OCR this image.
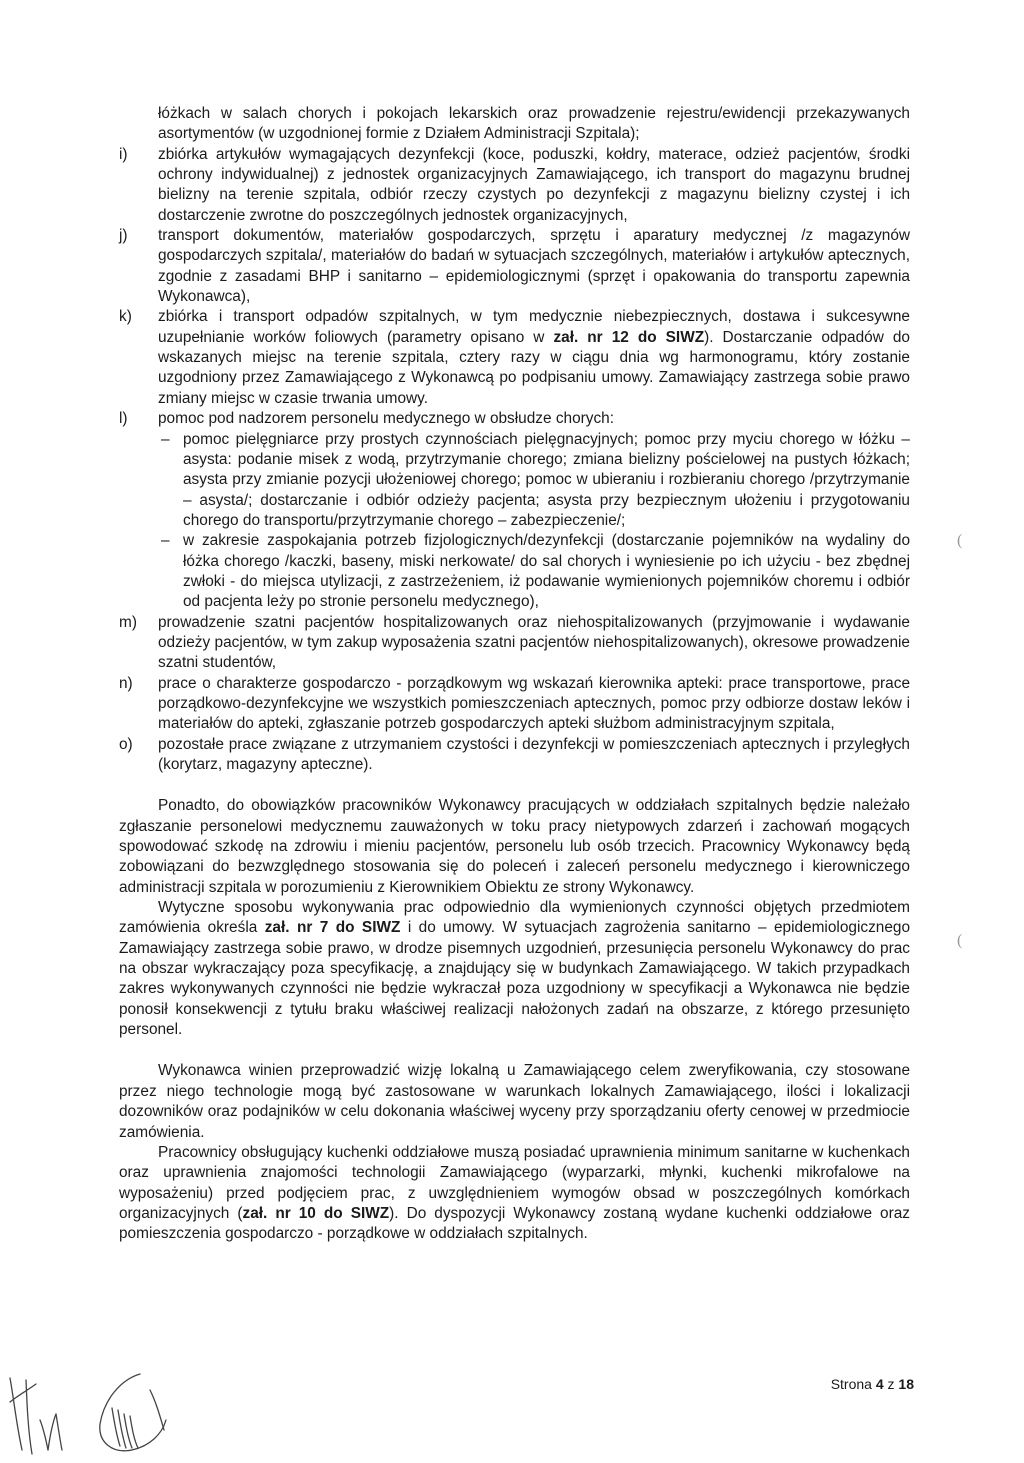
łóżkach w salach chorych i pokojach lekarskich oraz prowadzenie rejestru/ewidencji przekazywanych asortymentów (w uzgodnionej formie z Działem Administracji Szpitala);

i) zbiórka artykułów wymagających dezynfekcji (koce, poduszki, kołdry, materace, odzież pacjentów, środki ochrony indywidualnej) z jednostek organizacyjnych Zamawiającego, ich transport do magazynu brudnej bielizny na terenie szpitala, odbiór rzeczy czystych po dezynfekcji z magazynu bielizny czystej i ich dostarczenie zwrotne do poszczególnych jednostek organizacyjnych,

j) transport dokumentów, materiałów gospodarczych, sprzętu i aparatury medycznej /z magazynów gospodarczych szpitala/, materiałów do badań w sytuacjach szczególnych, materiałów i artykułów aptecznych, zgodnie z zasadami BHP i sanitarno – epidemiologicznymi (sprzęt i opakowania do transportu zapewnia Wykonawca),

k) zbiórka i transport odpadów szpitalnych, w tym medycznie niebezpiecznych, dostawa i sukcesywne uzupełnianie worków foliowych (parametry opisano w zał. nr 12 do SIWZ). Dostarczanie odpadów do wskazanych miejsc na terenie szpitala, cztery razy w ciągu dnia wg harmonogramu, który zostanie uzgodniony przez Zamawiającego z Wykonawcą po podpisaniu umowy. Zamawiający zastrzega sobie prawo zmiany miejsc w czasie trwania umowy.

l) pomoc pod nadzorem personelu medycznego w obsłudze chorych:

– pomoc pielęgniarce przy prostych czynnościach pielęgnacyjnych; pomoc przy myciu chorego w łóżku – asysta: podanie misek z wodą, przytrzymanie chorego; zmiana bielizny pościelowej na pustych łóżkach; asysta przy zmianie pozycji ułożeniowej chorego; pomoc w ubieraniu i rozbieraniu chorego /przytrzymanie – asysta/; dostarczanie i odbiór odzieży pacjenta; asysta przy bezpiecznym ułożeniu i przygotowaniu chorego do transportu/przytrzymanie chorego – zabezpieczenie/;

– w zakresie zaspokajania potrzeb fizjologicznych/dezynfekcji (dostarczanie pojemników na wydaliny do łóżka chorego /kaczki, baseny, miski nerkowate/ do sal chorych i wyniesienie po ich użyciu - bez zbędnej zwłoki - do miejsca utylizacji, z zastrzeżeniem, iż podawanie wymienionych pojemników choremu i odbiór od pacjenta leży po stronie personelu medycznego),

m) prowadzenie szatni pacjentów hospitalizowanych oraz niehospitalizowanych (przyjmowanie i wydawanie odzieży pacjentów, w tym zakup wyposażenia szatni pacjentów niehospitalizowanych), okresowe prowadzenie szatni studentów,

n) prace o charakterze gospodarczo - porządkowym wg wskazań kierownika apteki: prace transportowe, prace porządkowo-dezynfekcyjne we wszystkich pomieszczeniach aptecznych, pomoc przy odbiorze dostaw leków i materiałów do apteki, zgłaszanie potrzeb gospodarczych apteki służbom administracyjnym szpitala,

o) pozostałe prace związane z utrzymaniem czystości i dezynfekcji w pomieszczeniach aptecznych i przyległych (korytarz, magazyny apteczne).

Ponadto, do obowiązków pracowników Wykonawcy pracujących w oddziałach szpitalnych będzie należało zgłaszanie personelowi medycznemu zauważonych w toku pracy nietypowych zdarzeń i zachowań mogących spowodować szkodę na zdrowiu i mieniu pacjentów, personelu lub osób trzecich. Pracownicy Wykonawcy będą zobowiązani do bezwzględnego stosowania się do poleceń i zaleceń personelu medycznego i kierowniczego administracji szpitala w porozumieniu z Kierownikiem Obiektu ze strony Wykonawcy.

Wytyczne sposobu wykonywania prac odpowiednio dla wymienionych czynności objętych przedmiotem zamówienia określa zał. nr 7 do SIWZ i do umowy. W sytuacjach zagrożenia sanitarno – epidemiologicznego Zamawiający zastrzega sobie prawo, w drodze pisemnych uzgodnień, przesunięcia personelu Wykonawcy do prac na obszar wykraczający poza specyfikację, a znajdujący się w budynkach Zamawiającego. W takich przypadkach zakres wykonywanych czynności nie będzie wykraczał poza uzgodniony w specyfikacji a Wykonawca nie będzie ponosił konsekwencji z tytułu braku właściwej realizacji nałożonych zadań na obszarze, z którego przesunięto personel.

Wykonawca winien przeprowadzić wizję lokalną u Zamawiającego celem zweryfikowania, czy stosowane przez niego technologie mogą być zastosowane w warunkach lokalnych Zamawiającego, ilości i lokalizacji dozowników oraz podajników w celu dokonania właściwej wyceny przy sporządzaniu oferty cenowej w przedmiocie zamówienia.

Pracownicy obsługujący kuchenki oddziałowe muszą posiadać uprawnienia minimum sanitarne w kuchenkach oraz uprawnienia znajomości technologii Zamawiającego (wyparzarki, młynki, kuchenki mikrofalowe na wyposażeniu) przed podjęciem prac, z uwzględnieniem wymogów obsad w poszczególnych komórkach organizacyjnych (zał. nr 10 do SIWZ). Do dyspozycji Wykonawcy zostaną wydane kuchenki oddziałowe oraz pomieszczenia gospodarczo - porządkowe w oddziałach szpitalnych.

(
(
Strona 4 z 18
